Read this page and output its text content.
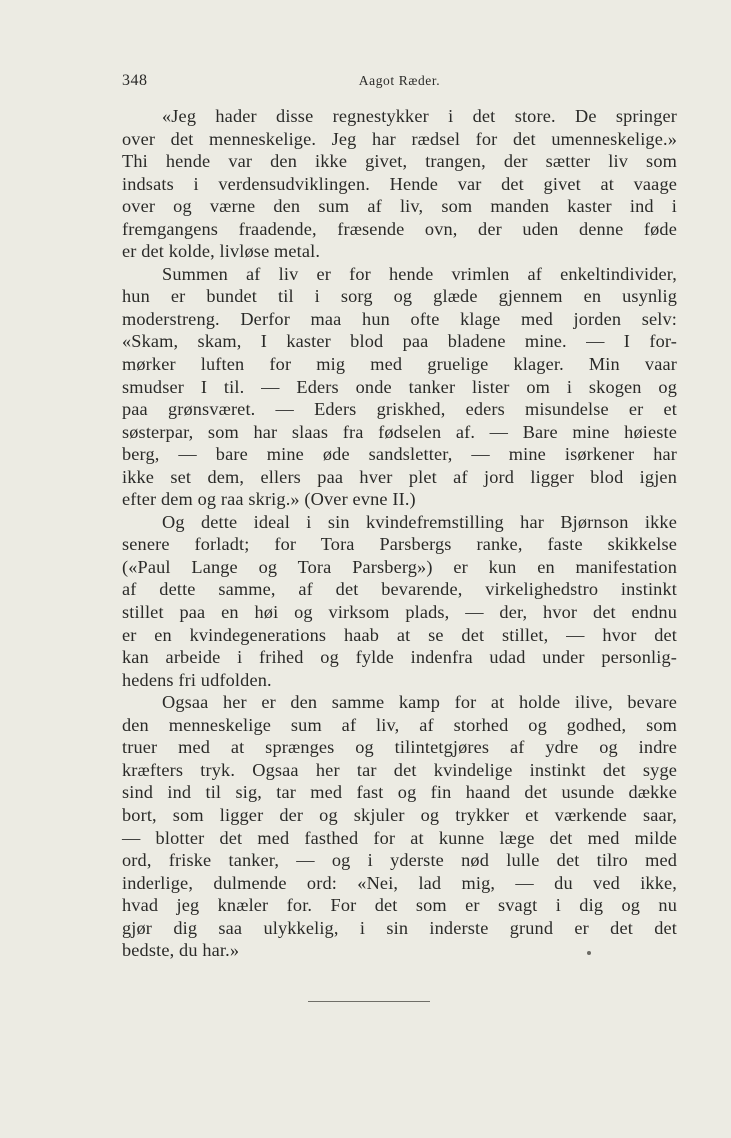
348	Aagot Ræder.
«Jeg hader disse regnestykker i det store. De springer
over det menneskelige. Jeg har rædsel for det umenneskelige.»
Thi hende var den ikke givet, trangen, der sætter liv som
indsats i verdensudviklingen. Hende var det givet at vaage
over og værne den sum af liv, som manden kaster ind i
fremgangens fraadende, fræsende ovn, der uden denne føde
er det kolde, livløse metal.
Summen af liv er for hende vrimlen af enkeltindivider,
hun er bundet til i sorg og glæde gjennem en usynlig
moderstreng. Derfor maa hun ofte klage med jorden selv:
«Skam, skam, I kaster blod paa bladene mine. — I for-
mørker luften for mig med gruelige klager. Min vaar
smudser I til. — Eders onde tanker lister om i skogen og
paa grønsværet. — Eders griskhed, eders misundelse er et
søsterpar, som har slaas fra fødselen af. — Bare mine høieste
berg, — bare mine øde sandsletter, — mine isørkener har
ikke set dem, ellers paa hver plet af jord ligger blod igjen
efter dem og raa skrig.» (Over evne II.)
Og dette ideal i sin kvindefremstilling har Bjørnson ikke
senere forladt; for Tora Parsbergs ranke, faste skikkelse
(«Paul Lange og Tora Parsberg») er kun en manifestation
af dette samme, af det bevarende, virkelighedstro instinkt
stillet paa en høi og virksom plads, — der, hvor det endnu
er en kvindegenerations haab at se det stillet, — hvor det
kan arbeide i frihed og fylde indenfra udad under personlig-
hedens fri udfolden.
Ogsaa her er den samme kamp for at holde ilive, bevare
den menneskelige sum af liv, af storhed og godhed, som
truer med at sprænges og tilintetgjøres af ydre og indre
kræfters tryk. Ogsaa her tar det kvindelige instinkt det syge
sind ind til sig, tar med fast og fin haand det usunde dække
bort, som ligger der og skjuler og trykker et værkende saar,
— blotter det med fasthed for at kunne læge det med milde
ord, friske tanker, — og i yderste nød lulle det tilro med
inderlige, dulmende ord: «Nei, lad mig, — du ved ikke,
hvad jeg knæler for. For det som er svagt i dig og nu
gjør dig saa ulykkelig, i sin inderste grund er det det
bedste, du har.»
